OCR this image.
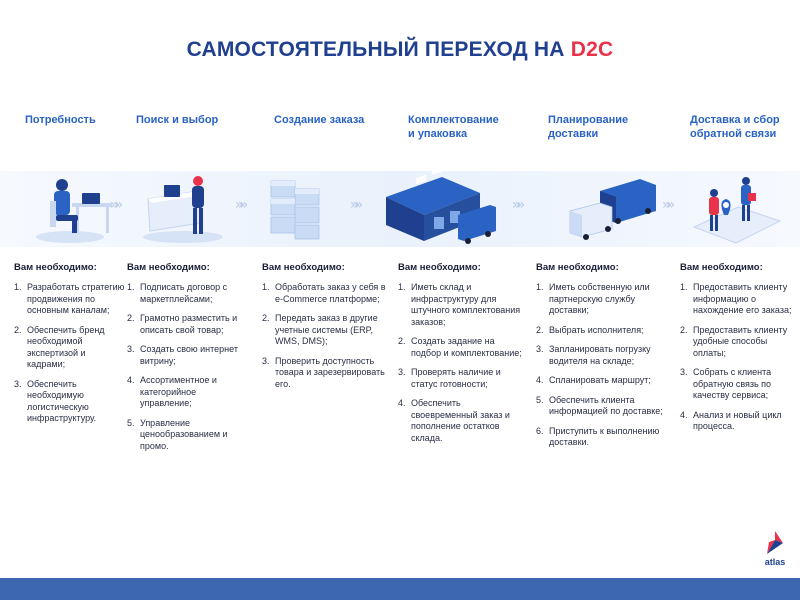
САМОСТОЯТЕЛЬНЫЙ ПЕРЕХОД НА D2C
Потребность	Поиск и выбор	Создание заказа	Комплектование и упаковка
Планирование доставки
Доставка и сбор обратной связи
»»	»»	»»	»»	»»
Вам необходимо:
1. Разработать стратегию продвижения по основным каналам;
2. Обеспечить бренд необходимой экспертизой и кадрами;
3. Обеспечить необходимую логистическую инфраструктуру.
Вам необходимо:
1. Подписать договор с маркетплейсами;
2. Грамотно разместить и описать свой товар;
3. Создать свою интернет витрину;
4. Ассортиментное и категорийное управление;
5. Управление ценообразованием и промо.
Вам необходимо:
1. Обработать заказ у себя в e-Commerce платформе;
2. Передать заказ в другие учетные системы (ERP, WMS, DMS);
3. Проверить доступность товара и зарезервировать его.
Вам необходимо:
1. Иметь склад и инфраструктуру для штучного комплектования заказов;
2. Создать задание на подбор и комплектование;
3. Проверять наличие и статус готовности;
4. Обеспечить своевременный заказ и пополнение остатков склада.
Вам необходимо:
1. Иметь собственную или партнерскую службу доставки;
2. Выбрать исполнителя;
3. Запланировать погрузку водителя на складе;
4. Спланировать маршрут;
5. Обеспечить клиента информацией по доставке;
6. Приступить к выполнению доставки.
Вам необходимо:
1. Предоставить клиенту информацию о нахождение его заказа;
2. Предоставить клиенту удобные способы оплаты;
3. Собрать с клиента обратную связь по качеству сервиса;
4. Анализ и новый цикл процесса.
atlas
